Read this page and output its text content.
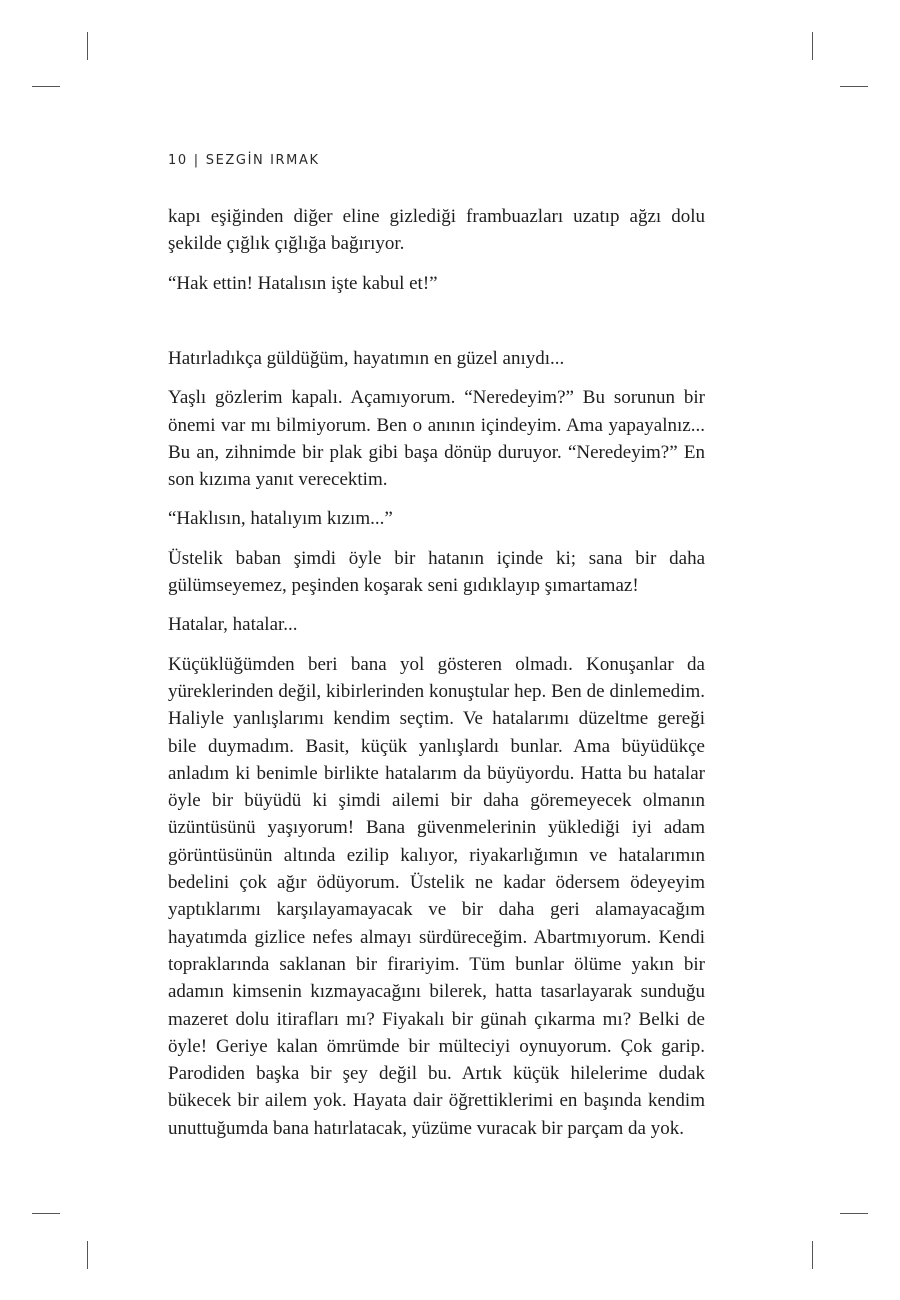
10 | SEZGİN IRMAK

kapı eşiğinden diğer eline gizlediği frambuazları uzatıp ağzı dolu şekilde çığlık çığlığa bağırıyor.

“Hak ettin! Hatalısın işte kabul et!”

Hatırladıkça güldüğüm, hayatımın en güzel anıydı...

Yaşlı gözlerim kapalı. Açamıyorum. “Neredeyim?” Bu sorunun bir önemi var mı bilmiyorum. Ben o anının içindeyim. Ama yapayalnız... Bu an, zihnimde bir plak gibi başa dönüp duruyor. “Neredeyim?” En son kızıma yanıt verecektim.

“Haklısın, hatalıyım kızım...”

Üstelik baban şimdi öyle bir hatanın içinde ki; sana bir daha gülümseyemez, peşinden koşarak seni gıdıklayıp şımartamaz!

Hatalar, hatalar...

Küçüklüğümden beri bana yol gösteren olmadı. Konuşanlar da yüreklerinden değil, kibirlerinden konuştular hep. Ben de dinlemedim. Haliyle yanlışlarımı kendim seçtim. Ve hatalarımı düzeltme gereği bile duymadım. Basit, küçük yanlışlardı bunlar. Ama büyüdükçe anladım ki benimle birlikte hatalarım da büyüyordu. Hatta bu hatalar öyle bir büyüdü ki şimdi ailemi bir daha göremeyecek olmanın üzüntüsünü yaşıyorum! Bana güvenmelerinin yüklediği iyi adam görüntüsünün altında ezilip kalıyor, riyakarlığımın ve hatalarımın bedelini çok ağır ödüyorum. Üstelik ne kadar ödersem ödeyeyim yaptıklarımı karşılayamayacak ve bir daha geri alamayacağım hayatımda gizlice nefes almayı sürdüreceğim. Abartmıyorum. Kendi topraklarında saklanan bir firariyim. Tüm bunlar ölüme yakın bir adamın kimsenin kızmayacağını bilerek, hatta tasarlayarak sunduğu mazeret dolu itirafları mı? Fiyakalı bir günah çıkarma mı? Belki de öyle! Geriye kalan ömrümde bir mülteciyi oynuyorum. Çok garip. Parodiden başka bir şey değil bu. Artık küçük hilelerime dudak bükecek bir ailem yok. Hayata dair öğrettiklerimi en başında kendim unuttuğumda bana hatırlatacak, yüzüme vuracak bir parçam da yok.
